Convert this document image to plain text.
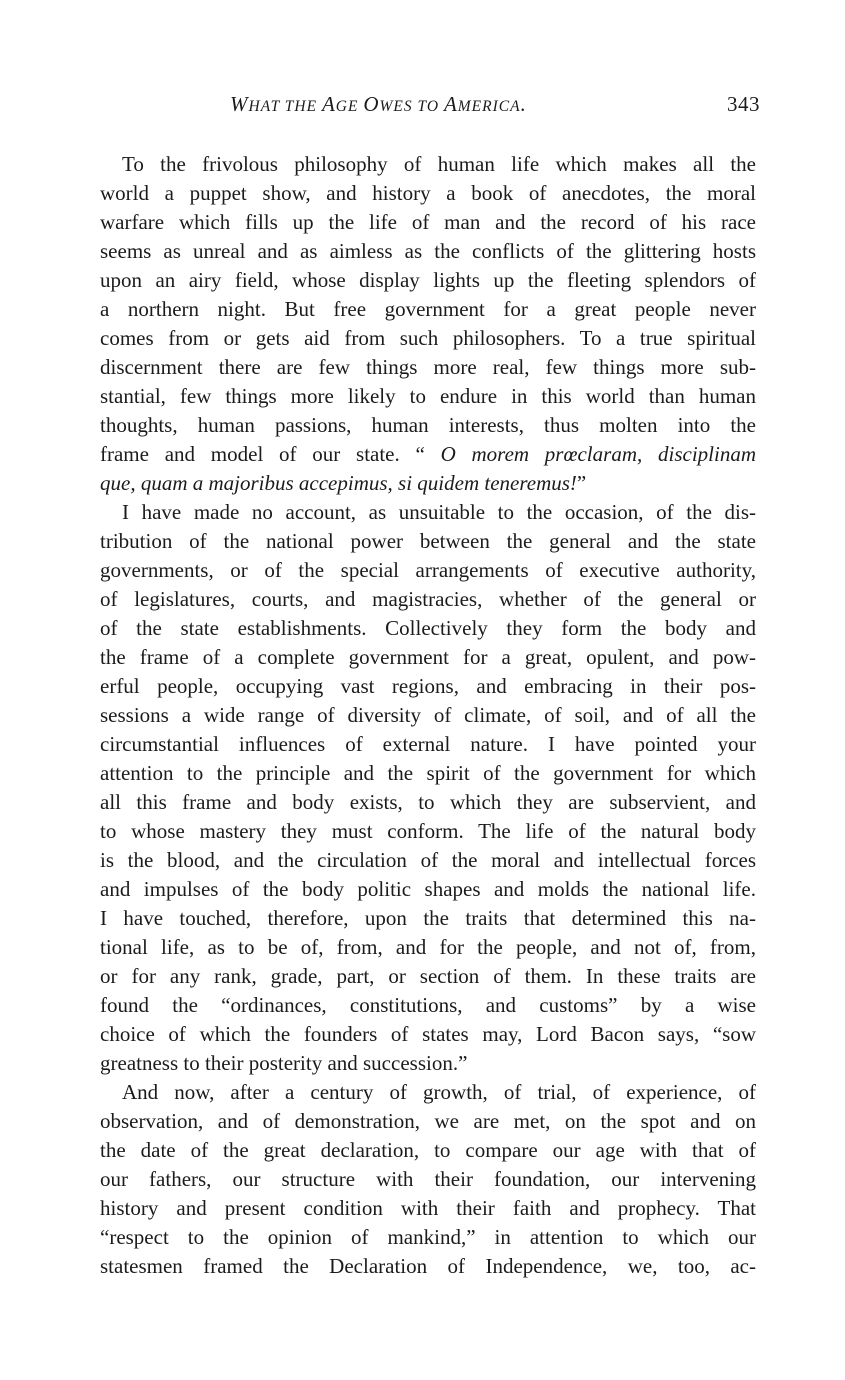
WHAT THE AGE OWES TO AMERICA.	343
To the frivolous philosophy of human life which makes all the
world a puppet show, and history a book of anecdotes, the moral
warfare which fills up the life of man and the record of his race
seems as unreal and as aimless as the conflicts of the glittering hosts
upon an airy field, whose display lights up the fleeting splendors of
a northern night. But free government for a great people never
comes from or gets aid from such philosophers. To a true spiritual
discernment there are few things more real, few things more sub-
stantial, few things more likely to endure in this world than human
thoughts, human passions, human interests, thus molten into the
frame and model of our state. “ O morem prœclaram, disciplinam
que, quam a majoribus accepimus, si quidem teneremus!”
I have made no account, as unsuitable to the occasion, of the dis-
tribution of the national power between the general and the state
governments, or of the special arrangements of executive authority,
of legislatures, courts, and magistracies, whether of the general or
of the state establishments. Collectively they form the body and
the frame of a complete government for a great, opulent, and pow-
erful people, occupying vast regions, and embracing in their pos-
sessions a wide range of diversity of climate, of soil, and of all the
circumstantial influences of external nature. I have pointed your
attention to the principle and the spirit of the government for which
all this frame and body exists, to which they are subservient, and
to whose mastery they must conform. The life of the natural body
is the blood, and the circulation of the moral and intellectual forces
and impulses of the body politic shapes and molds the national life.
I have touched, therefore, upon the traits that determined this na-
tional life, as to be of, from, and for the people, and not of, from,
or for any rank, grade, part, or section of them. In these traits are
found the “ordinances, constitutions, and customs” by a wise
choice of which the founders of states may, Lord Bacon says, “sow
greatness to their posterity and succession.”
And now, after a century of growth, of trial, of experience, of
observation, and of demonstration, we are met, on the spot and on
the date of the great declaration, to compare our age with that of
our fathers, our structure with their foundation, our intervening
history and present condition with their faith and prophecy. That
“respect to the opinion of mankind,” in attention to which our
statesmen framed the Declaration of Independence, we, too, ac-
